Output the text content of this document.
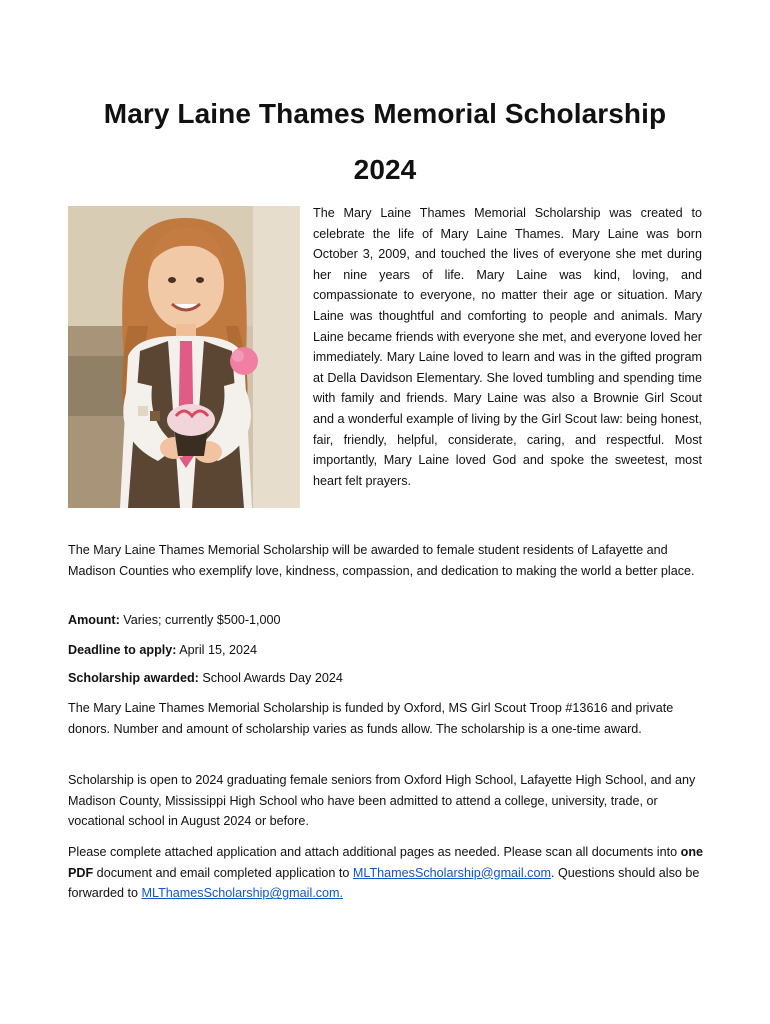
Mary Laine Thames Memorial Scholarship
2024
The Mary Laine Thames Memorial Scholarship was created to celebrate the life of Mary Laine Thames. Mary Laine was born October 3, 2009, and touched the lives of everyone she met during her nine years of life. Mary Laine was kind, loving, and compassionate to everyone, no matter their age or situation. Mary Laine was thoughtful and comforting to people and animals. Mary Laine became friends with everyone she met, and everyone loved her immediately. Mary Laine loved to learn and was in the gifted program at Della Davidson Elementary. She loved tumbling and spending time with family and friends. Mary Laine was also a Brownie Girl Scout and a wonderful example of living by the Girl Scout law: being honest, fair, friendly, helpful, considerate, caring, and respectful. Most importantly, Mary Laine loved God and spoke the sweetest, most heart felt prayers.
The Mary Laine Thames Memorial Scholarship will be awarded to female student residents of Lafayette and Madison Counties who exemplify love, kindness, compassion, and dedication to making the world a better place.
Amount: Varies; currently $500-1,000
Deadline to apply: April 15, 2024
Scholarship awarded: School Awards Day 2024
The Mary Laine Thames Memorial Scholarship is funded by Oxford, MS Girl Scout Troop #13616 and private donors. Number and amount of scholarship varies as funds allow. The scholarship is a one-time award.
Scholarship is open to 2024 graduating female seniors from Oxford High School, Lafayette High School, and any Madison County, Mississippi High School who have been admitted to attend a college, university, trade, or vocational school in August 2024 or before.
Please complete attached application and attach additional pages as needed. Please scan all documents into one PDF document and email completed application to MLThamesScholarship@gmail.com. Questions should also be forwarded to MLThamesScholarship@gmail.com.
